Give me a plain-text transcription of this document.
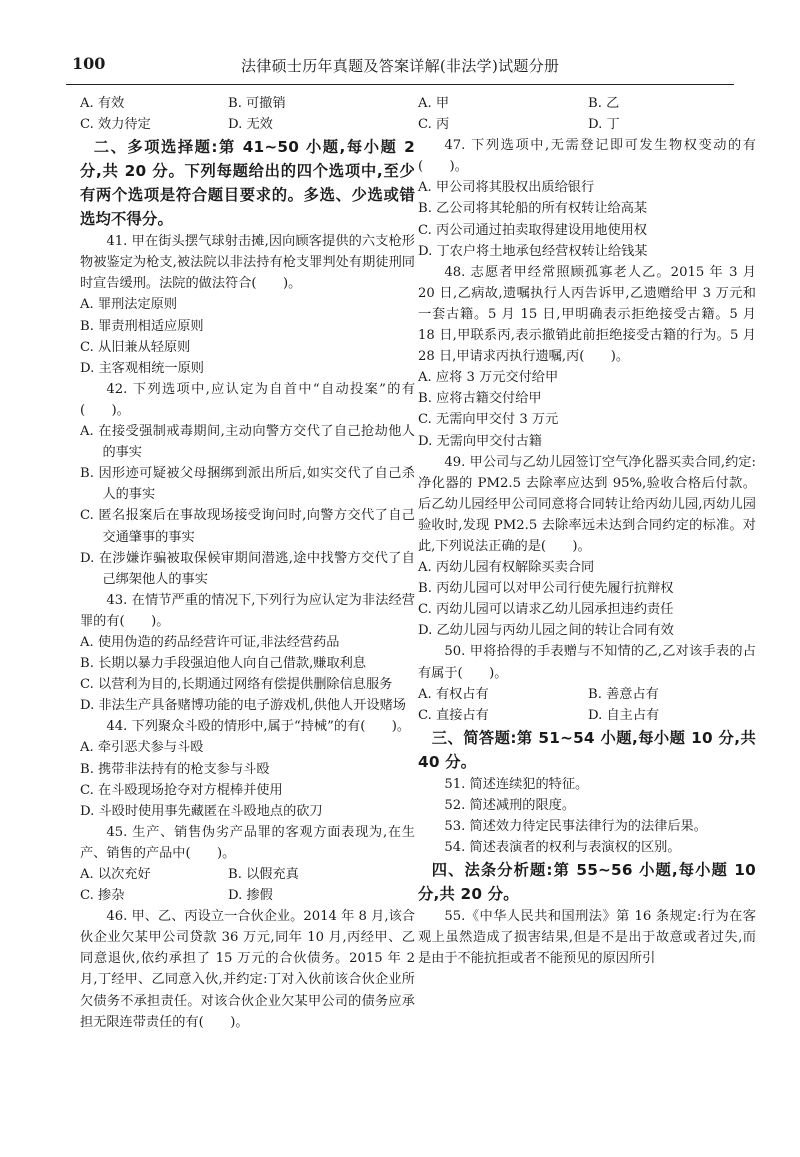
100	法律硕士历年真题及答案详解(非法学)试题分册
A. 有效	B. 可撤销
C. 效力待定	D. 无效

二、多项选择题:第 41~50 小题,每小题 2 分,共 20 分。下列每题给出的四个选项中,至少有两个选项是符合题目要求的。多选、少选或错选均不得分。

41. 甲在街头摆气球射击摊,因向顾客提供的六支枪形物被鉴定为枪支,被法院以非法持有枪支罪判处有期徒刑同时宣告缓刑。法院的做法符合(　　)。

A. 罪刑法定原则

B. 罪责刑相适应原则

C. 从旧兼从轻原则

D. 主客观相统一原则

42. 下列选项中,应认定为自首中“自动投案”的有(　　)。

A. 在接受强制戒毒期间,主动向警方交代了自己抢劫他人的事实

B. 因形迹可疑被父母捆绑到派出所后,如实交代了自己杀人的事实

C. 匿名报案后在事故现场接受询问时,向警方交代了自己交通肇事的事实

D. 在涉嫌诈骗被取保候审期间潜逃,途中找警方交代了自己绑架他人的事实

43. 在情节严重的情况下,下列行为应认定为非法经营罪的有(　　)。

A. 使用伪造的药品经营许可证,非法经营药品

B. 长期以暴力手段强迫他人向自己借款,赚取利息

C. 以营利为目的,长期通过网络有偿提供删除信息服务

D. 非法生产具备赌博功能的电子游戏机,供他人开设赌场

44. 下列聚众斗殴的情形中,属于“持械”的有(　　)。

A. 牵引恶犬参与斗殴

B. 携带非法持有的枪支参与斗殴

C. 在斗殴现场抢夺对方棍棒并使用

D. 斗殴时使用事先藏匿在斗殴地点的砍刀

45. 生产、销售伪劣产品罪的客观方面表现为,在生产、销售的产品中(　　)。

A. 以次充好	B. 以假充真
C. 掺杂	D. 掺假

46. 甲、乙、丙设立一合伙企业。2014 年 8 月,该合伙企业欠某甲公司贷款 36 万元,同年 10 月,丙经甲、乙同意退伙,依约承担了 15 万元的合伙债务。2015 年 2 月,丁经甲、乙同意入伙,并约定:丁对入伙前该合伙企业所欠债务不承担责任。对该合伙企业欠某甲公司的债务应承担无限连带责任的有(　　)。

A. 甲	B. 乙
C. 丙	D. 丁

47. 下列选项中,无需登记即可发生物权变动的有(　　)。

A. 甲公司将其股权出质给银行

B. 乙公司将其轮船的所有权转让给高某

C. 丙公司通过拍卖取得建设用地使用权

D. 丁农户将土地承包经营权转让给钱某

48. 志愿者甲经常照顾孤寡老人乙。2015 年 3 月 20 日,乙病故,遗嘱执行人丙告诉甲,乙遗赠给甲 3 万元和一套古籍。5 月 15 日,甲明确表示拒绝接受古籍。5 月 18 日,甲联系丙,表示撤销此前拒绝接受古籍的行为。5 月 28 日,甲请求丙执行遗嘱,丙(　　)。

A. 应将 3 万元交付给甲

B. 应将古籍交付给甲

C. 无需向甲交付 3 万元

D. 无需向甲交付古籍

49. 甲公司与乙幼儿园签订空气净化器买卖合同,约定:净化器的 PM2.5 去除率应达到 95%,验收合格后付款。后乙幼儿园经甲公司同意将合同转让给丙幼儿园,丙幼儿园验收时,发现 PM2.5 去除率远未达到合同约定的标准。对此,下列说法正确的是(　　)。

A. 丙幼儿园有权解除买卖合同

B. 丙幼儿园可以对甲公司行使先履行抗辩权

C. 丙幼儿园可以请求乙幼儿园承担违约责任

D. 乙幼儿园与丙幼儿园之间的转让合同有效

50. 甲将拾得的手表赠与不知情的乙,乙对该手表的占有属于(　　)。

A. 有权占有	B. 善意占有
C. 直接占有	D. 自主占有

三、简答题:第 51~54 小题,每小题 10 分,共 40 分。

51. 简述连续犯的特征。

52. 简述减刑的限度。

53. 简述效力待定民事法律行为的法律后果。

54. 简述表演者的权利与表演权的区别。

四、法条分析题:第 55~56 小题,每小题 10 分,共 20 分。

55.《中华人民共和国刑法》第 16 条规定:行为在客观上虽然造成了损害结果,但是不是出于故意或者过失,而是由于不能抗拒或者不能预见的原因所引
